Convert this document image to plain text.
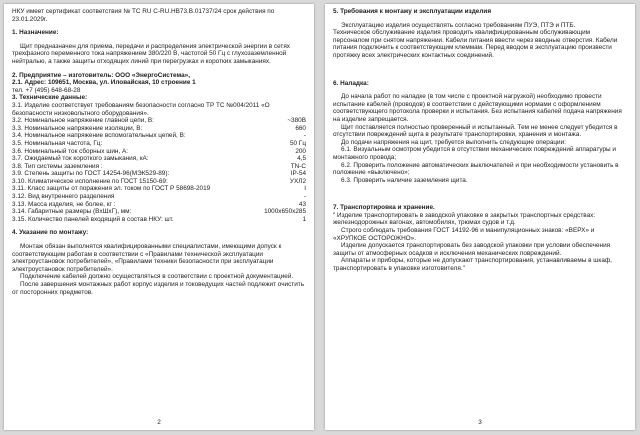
НКУ имеет сертификат соответствия № ТС RU C-RU.НВ73.В.01737/24 срок действия по 23.01.2029г.

1. Назначение:

Щит предназначен для приема, передачи и распределения электрической энергии в сетях трехфазного переменного тока напряжением 380/220 В, частотой 50 Гц с глухозаземленной нейтралью, а также защиты отходящих линий при перегрузках и коротких замыканиях.

2. Предприятие – изготовитель: ООО «ЭнергоСистема»,

2.1. Адрес: 109651, Москва, ул. Иловайская, 10 строение 1

тел. +7 (495) 648-68-28

3. Технические данные:

3.1. Изделие соответствует требованиям безопасности согласно ТР ТС №004/2011 «О безопасности низковольтного оборудования».

3.2. Номинальное напряжение главной цепи, В:	~380В
3.3. Номинальное напряжение изоляции, В:	660
3.4. Номинальное напряжение вспомогательных цепей, В:	-
3.5. Номинальная частота, Гц:	50 Гц
3.6. Номинальный ток сборных шин, А:	200
3.7. Ожидаемый ток короткого замыкания, кА:	4,5
3.8. Тип системы заземления :	TN-C
3.9. Степень защиты по ГОСТ 14254-96(МЭК529-89):	IP-54
3.10. Климатическое исполнение по ГОСТ 15150-69:	УХЛ2
3.11. Класс защиты от поражения эл. током по ГОСТ Р 58698-2019	I
3.12. Вид внутреннего разделения	-
3.13. Масса изделия, не более, кг :	43
3.14. Габаритные размеры (ВхШхГ), мм:	1000x650x285
3.15. Количество панелей входящий в состав НКУ: шт.	1

4. Указание по монтажу:

Монтаж обязан выполнятся квалифицированными специалистами, имеющими допуск к соответствующим работам в соответствии с «Правилами технической эксплуатации электроустановок потребителей», «Правилами техники безопасности при эксплуатации электроустановок потребителей».

Подключение кабелей должно осуществляться в соответствии с проектной документацией.

После завершения монтажных работ корпус изделия и токоведущих частей подлежит очистить от посторонних предметов.

2

5. Требования к монтажу и эксплуатации изделия

Эксплуатацию изделия осуществлять согласно требованиям ПУЭ, ПТЭ и ПТБ.

Техническое обслуживание изделия проводить квалифицированным обслуживающим персоналом при снятом напряжении. Кабели питания ввести через вводные отверстия. Кабели питания подключить к соответствующим клеммам. Перед вводом в эксплуатацию произвести протяжку всех электрических контактных соединений.

6. Наладка:

До начала работ по наладке (в том числе с проектной нагрузкой) необходимо провести испытание кабелей (проводов) в соответствии с действующими нормами с оформлением соответствующего протокола проверки и испытания. Без испытания кабелей подача напряжения на изделие запрещается.

Щит поставляется полностью проверенный и испытанный. Тем не менее следует убедится в отсутствии повреждений щита в результате транспортировки, хранения и монтажа.

До подачи напряжения на щит, требуется выполнить следующие операции:

6.1. Визуальным осмотром убедится в отсутствии механических повреждений аппаратуры и монтажного провода;

6.2. Проверить положение автоматических выключателей и при необходимости установить в положение «выключено»;

6.3. Проверить наличие заземления щита.

7. Транспортировка и хранение.

" Изделие транспортировать в заводской упаковке в закрытых транспортных средствах: железнодорожных вагонах, автомобилях, трюмах судов и т.д.

Строго соблюдать требования ГОСТ 14192-96 и манипуляционных знаков: «ВЕРХ» и «ХРУПКОЕ ОСТОРОЖНО».

Изделие допускается транспортировать без заводской упаковки при условии обеспечения защиты от атмосферных осадков и исключения механических повреждений.

Аппараты и приборы, которые не допускают транспортирования, устанавливаемы в шкаф, транспортировать в упаковке изготовителя."

3
